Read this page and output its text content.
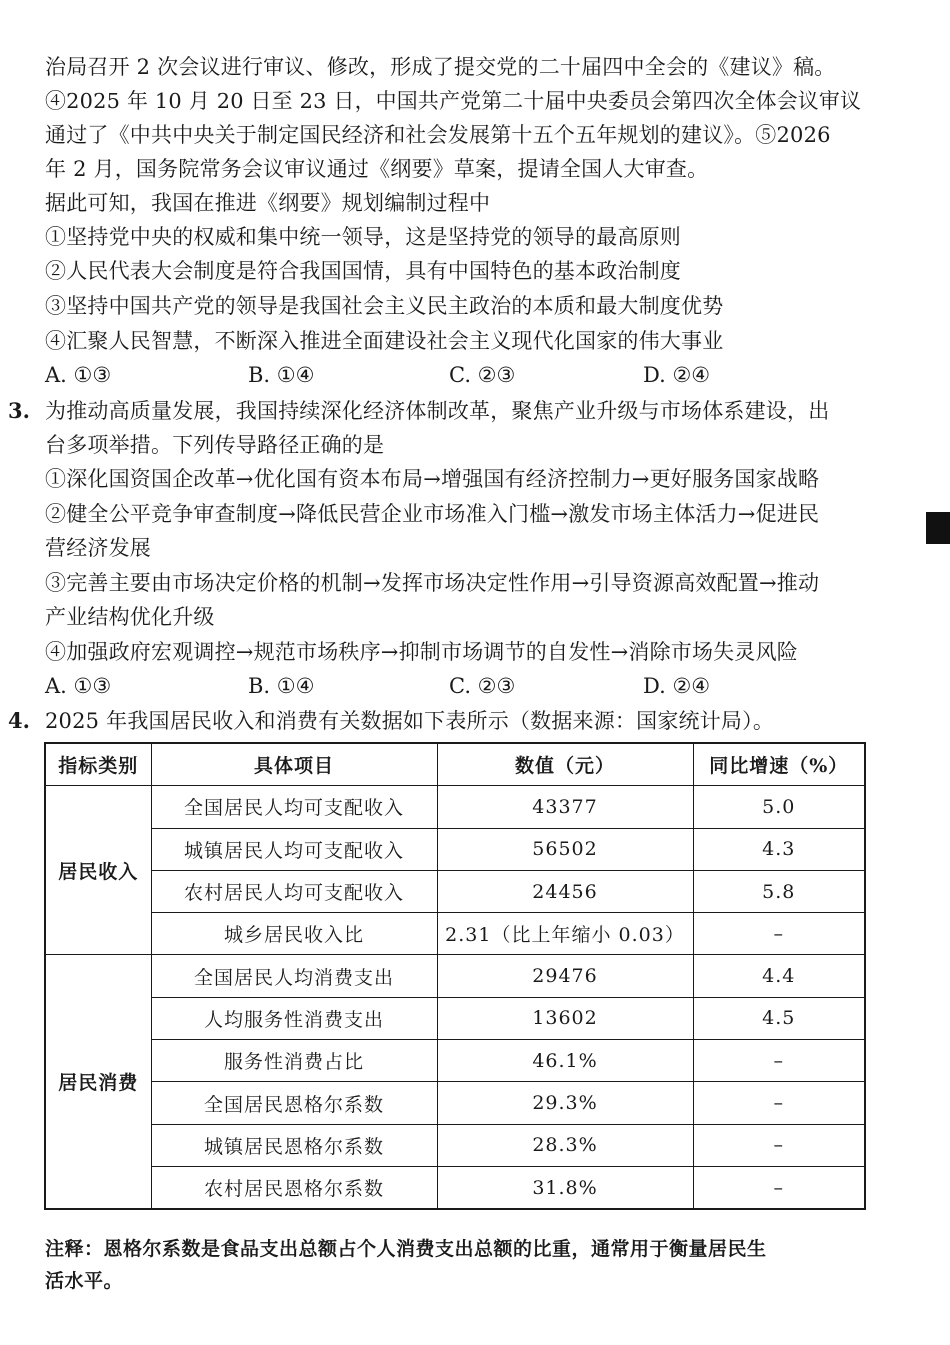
治局召开 2 次会议进行审议、修改，形成了提交党的二十届四中全会的《建议》稿。
④2025 年 10 月 20 日至 23 日，中国共产党第二十届中央委员会第四次全体会议审议
通过了《中共中央关于制定国民经济和社会发展第十五个五年规划的建议》。⑤2026
年 2 月，国务院常务会议审议通过《纲要》草案，提请全国人大审查。
据此可知，我国在推进《纲要》规划编制过程中
①坚持党中央的权威和集中统一领导，这是坚持党的领导的最高原则
②人民代表大会制度是符合我国国情，具有中国特色的基本政治制度
③坚持中国共产党的领导是我国社会主义民主政治的本质和最大制度优势
④汇聚人民智慧，不断深入推进全面建设社会主义现代化国家的伟大事业
A. ①③	B. ①④	C. ②③	D. ②④
3. 为推动高质量发展，我国持续深化经济体制改革，聚焦产业升级与市场体系建设，出
台多项举措。下列传导路径正确的是
①深化国资国企改革→优化国有资本布局→增强国有经济控制力→更好服务国家战略
②健全公平竞争审查制度→降低民营企业市场准入门槛→激发市场主体活力→促进民
营经济发展
③完善主要由市场决定价格的机制→发挥市场决定性作用→引导资源高效配置→推动
产业结构优化升级
④加强政府宏观调控→规范市场秩序→抑制市场调节的自发性→消除市场失灵风险
A. ①③	B. ①④	C. ②③	D. ②④
4. 2025 年我国居民收入和消费有关数据如下表所示（数据来源：国家统计局）。
指标类别	具体项目	数值（元）	同比增速（%）
居民收入	全国居民人均可支配收入	43377	5.0
	城镇居民人均可支配收入	56502	4.3
	农村居民人均可支配收入	24456	5.8
	城乡居民收入比	2.31（比上年缩小 0.03）	–
居民消费	全国居民人均消费支出	29476	4.4
	人均服务性消费支出	13602	4.5
	服务性消费占比	46.1%	–
	全国居民恩格尔系数	29.3%	–
	城镇居民恩格尔系数	28.3%	–
	农村居民恩格尔系数	31.8%	–
注释：恩格尔系数是食品支出总额占个人消费支出总额的比重，通常用于衡量居民生
活水平。
